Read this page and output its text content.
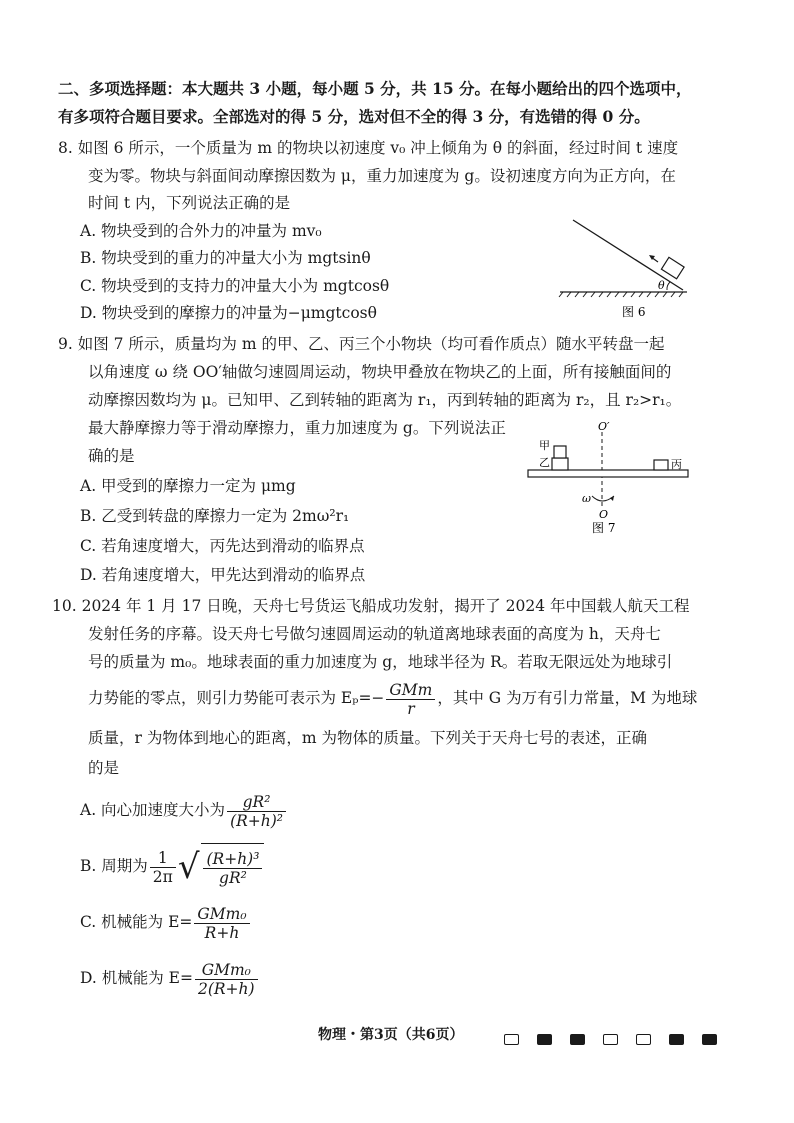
二、多项选择题：本大题共 3 小题，每小题 5 分，共 15 分。在每小题给出的四个选项中，
有多项符合题目要求。全部选对的得 5 分，选对但不全的得 3 分，有选错的得 0 分。
8. 如图 6 所示，一个质量为 m 的物块以初速度 v₀ 冲上倾角为 θ 的斜面，经过时间 t 速度
变为零。物块与斜面间动摩擦因数为 μ，重力加速度为 g。设初速度方向为正方向，在
时间 t 内，下列说法正确的是
A. 物块受到的合外力的冲量为 mv₀
B. 物块受到的重力的冲量大小为 mgtsinθ
C. 物块受到的支持力的冲量大小为 mgtcosθ
D. 物块受到的摩擦力的冲量为−μmgtcosθ
θ
图 6
9. 如图 7 所示，质量均为 m 的甲、乙、丙三个小物块（均可看作质点）随水平转盘一起
以角速度 ω 绕 OO′轴做匀速圆周运动，物块甲叠放在物块乙的上面，所有接触面间的
动摩擦因数均为 μ。已知甲、乙到转轴的距离为 r₁，丙到转轴的距离为 r₂，且 r₂>r₁。
最大静摩擦力等于滑动摩擦力，重力加速度为 g。下列说法正
确的是
A. 甲受到的摩擦力一定为 μmg
B. 乙受到转盘的摩擦力一定为 2mω²r₁
C. 若角速度增大，丙先达到滑动的临界点
D. 若角速度增大，甲先达到滑动的临界点
O′
甲
乙	丙
ω
O
图 7
10. 2024 年 1 月 17 日晚，天舟七号货运飞船成功发射，揭开了 2024 年中国载人航天工程
发射任务的序幕。设天舟七号做匀速圆周运动的轨道离地球表面的高度为 h，天舟七
号的质量为 m₀。地球表面的重力加速度为 g，地球半径为 R。若取无限远处为地球引
力势能的零点，则引力势能可表示为 $E_p=- \frac{\text{GMm}}{r}$ ，其中 G 为万有引力常量，M 为地球
质量，r 为物体到地心的距离，m 为物体的质量。下列关于天舟七号的表述，正确
的是
A. 向心加速度大小为 $\frac{\text{gR²}}{\text{(R+h)²}}$
B. 周期为 $\frac{1}{2\pi}$ √ $\frac{\text{(R+h)³}}{\text{gR²}}$
C. 机械能为 $E= \frac{\text{GMm₀}}{R+h}$
D. 机械能为 $E= \frac{\text{GMm₀}}{2(R+h)}$
物理・第3页（共6页）
